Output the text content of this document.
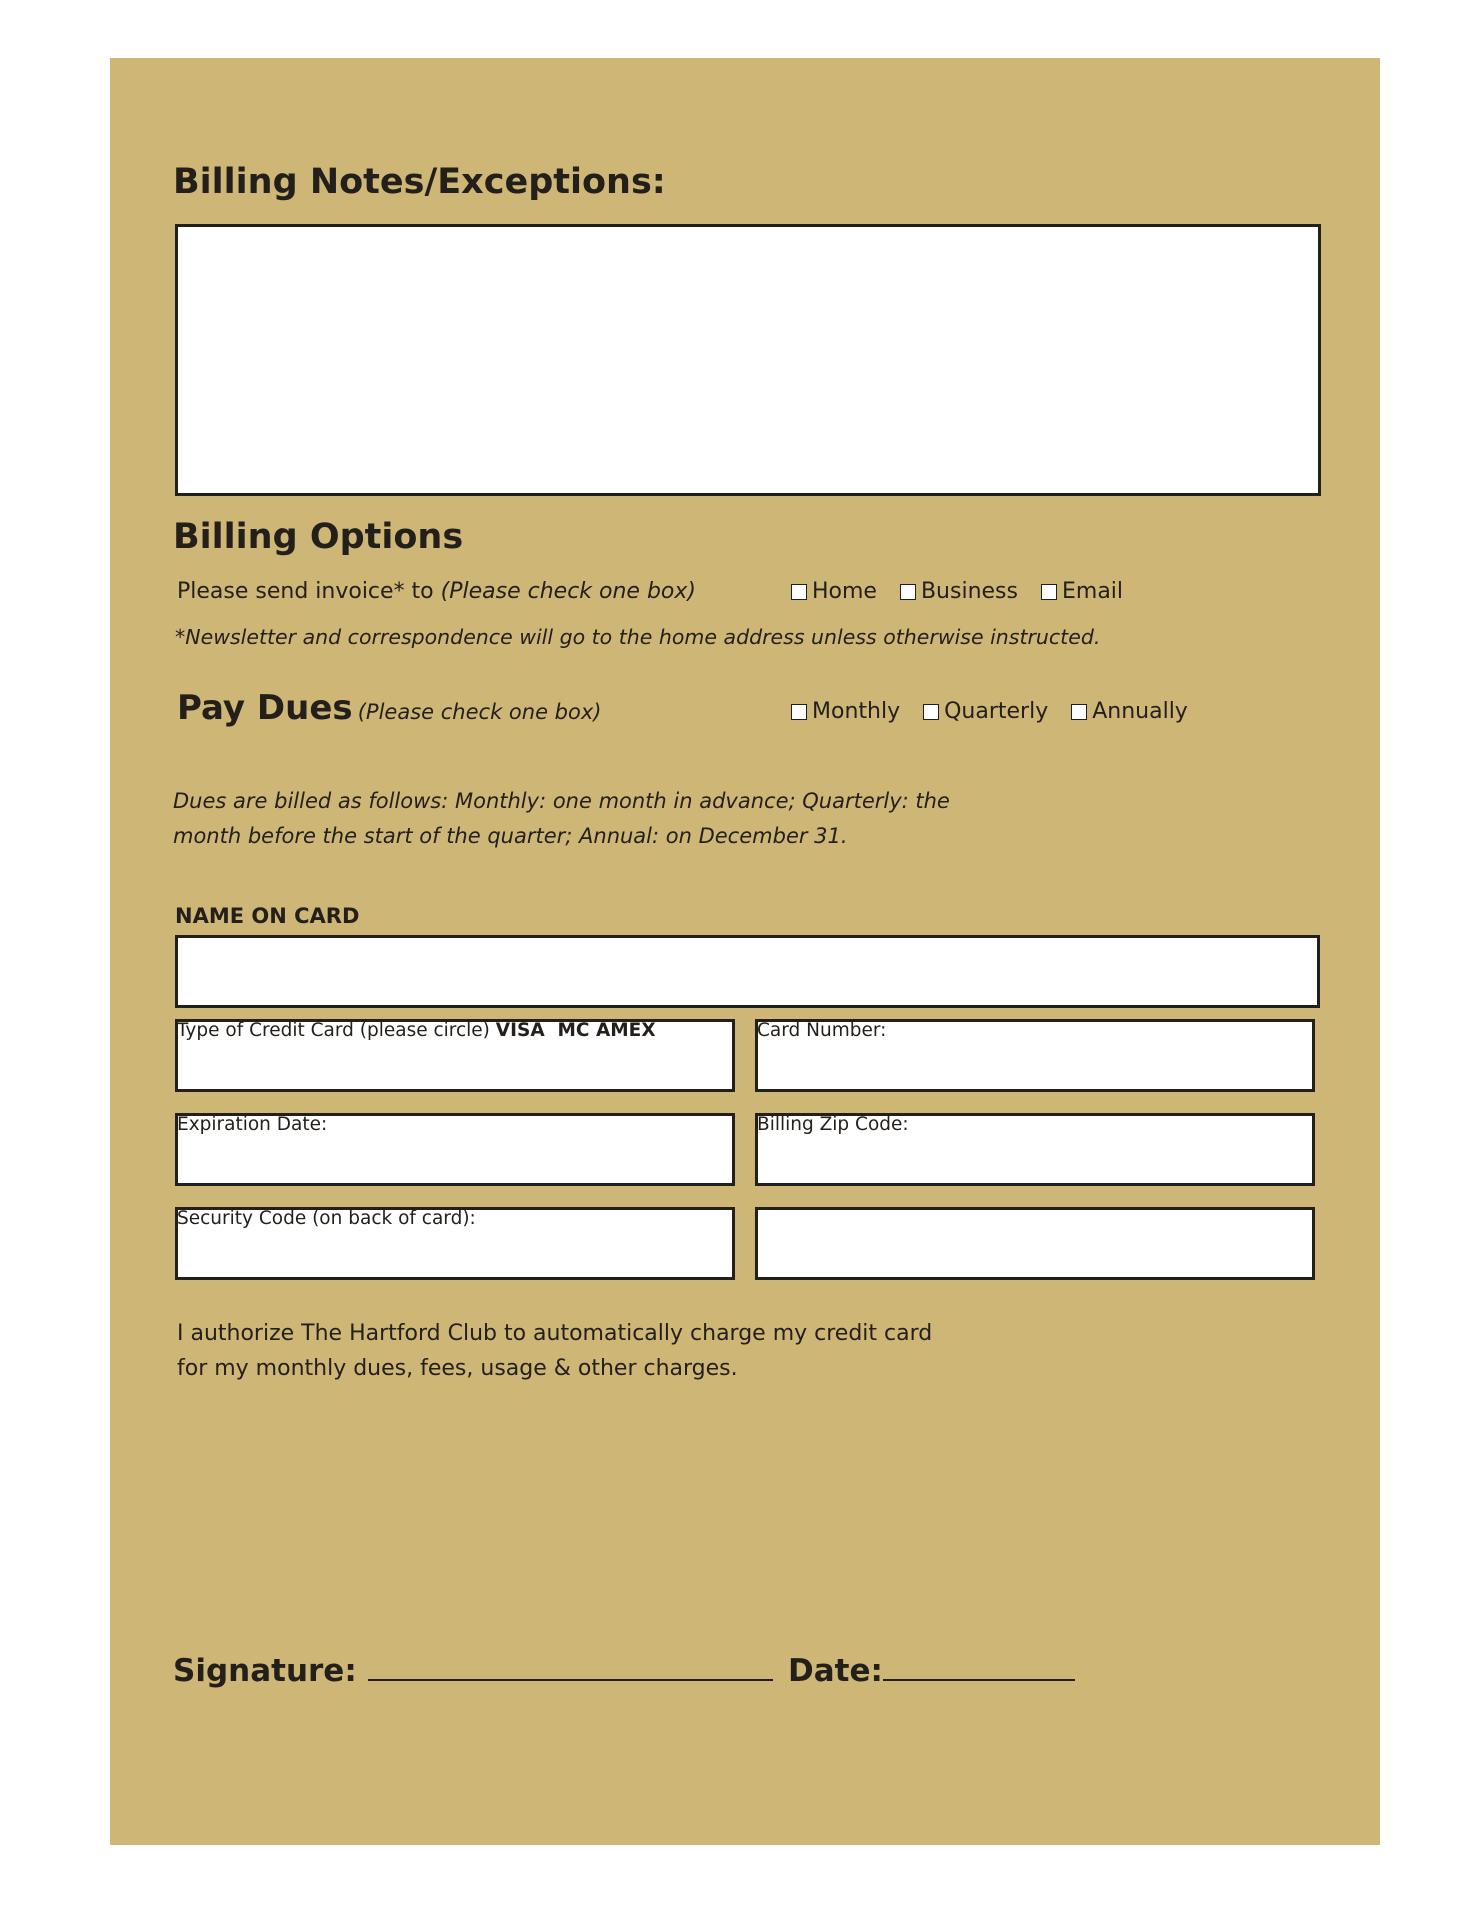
Billing Notes/Exceptions:
Billing Options
Please send invoice* to (Please check one box)	Home Business Email
*Newsletter and correspondence will go to the home address unless otherwise instructed.
Pay Dues (Please check one box)	Monthly Quarterly Annually
Dues are billed as follows: Monthly: one month in advance; Quarterly: the month before the start of the quarter; Annual: on December 31.
NAME ON CARD
Type of Credit Card (please circle) VISA  MC AMEX	Card Number:
Expiration Date:	Billing Zip Code:
Security Code (on back of card):
I authorize The Hartford Club to automatically charge my credit card for my monthly dues, fees, usage & other charges.
Signature:	Date:
